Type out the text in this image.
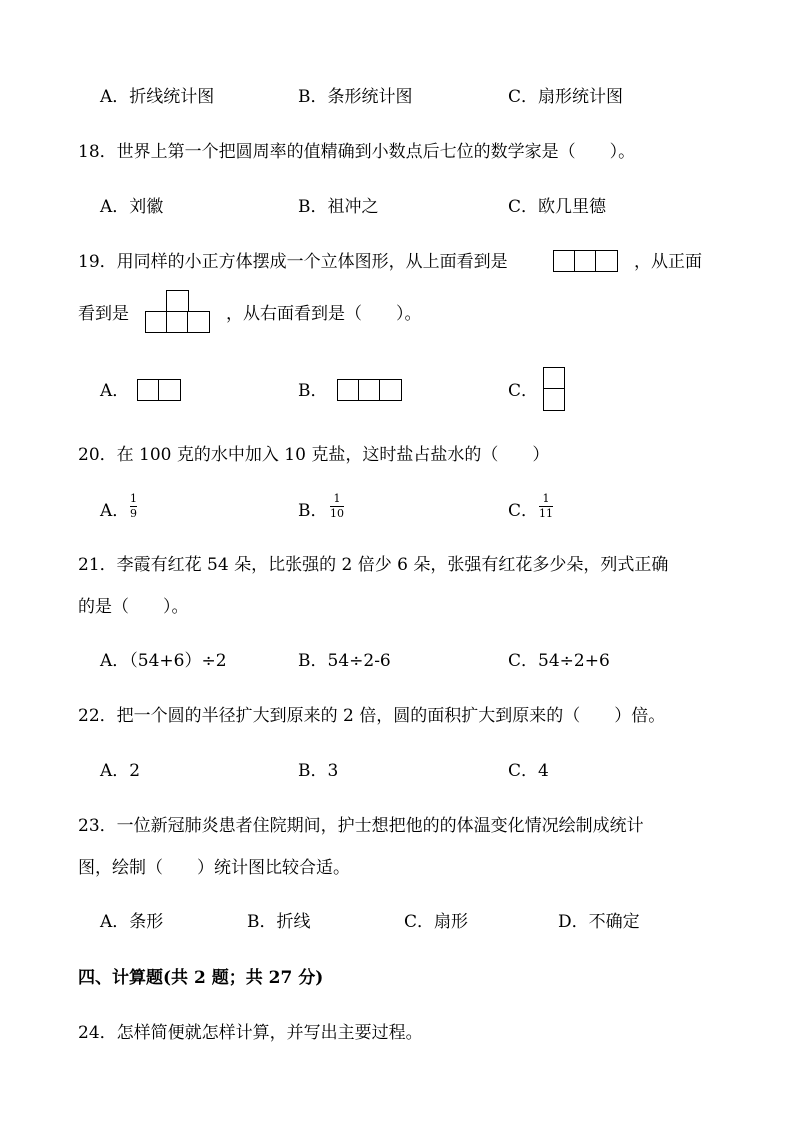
A．折线统计图	B．条形统计图	C．扇形统计图
18．世界上第一个把圆周率的值精确到小数点后七位的数学家是（　　）。
A．刘徽	B．祖冲之	C．欧几里德
19．用同样的小正方体摆成一个立体图形，从上面看到是	，从正面
看到是	，从右面看到是（　　）。
A．	B．	C．
20．在 100 克的水中加入 10 克盐，这时盐占盐水的（　　）
A．
1
9	B．
1
10	C．
1
11
21．李霞有红花 54 朵，比张强的 2 倍少 6 朵，张强有红花多少朵，列式正确
的是（　　）。
A．（54+6）÷2	B．54÷2-6	C．54÷2+6
22．把一个圆的半径扩大到原来的 2 倍，圆的面积扩大到原来的（　　）倍。
A．2	B．3	C．4
23．一位新冠肺炎患者住院期间，护士想把他的的体温变化情况绘制成统计
图，绘制（　　）统计图比较合适。
A．条形	B．折线	C．扇形	D．不确定
四、计算题(共 2 题；共 27 分)
24．怎样简便就怎样计算，并写出主要过程。
